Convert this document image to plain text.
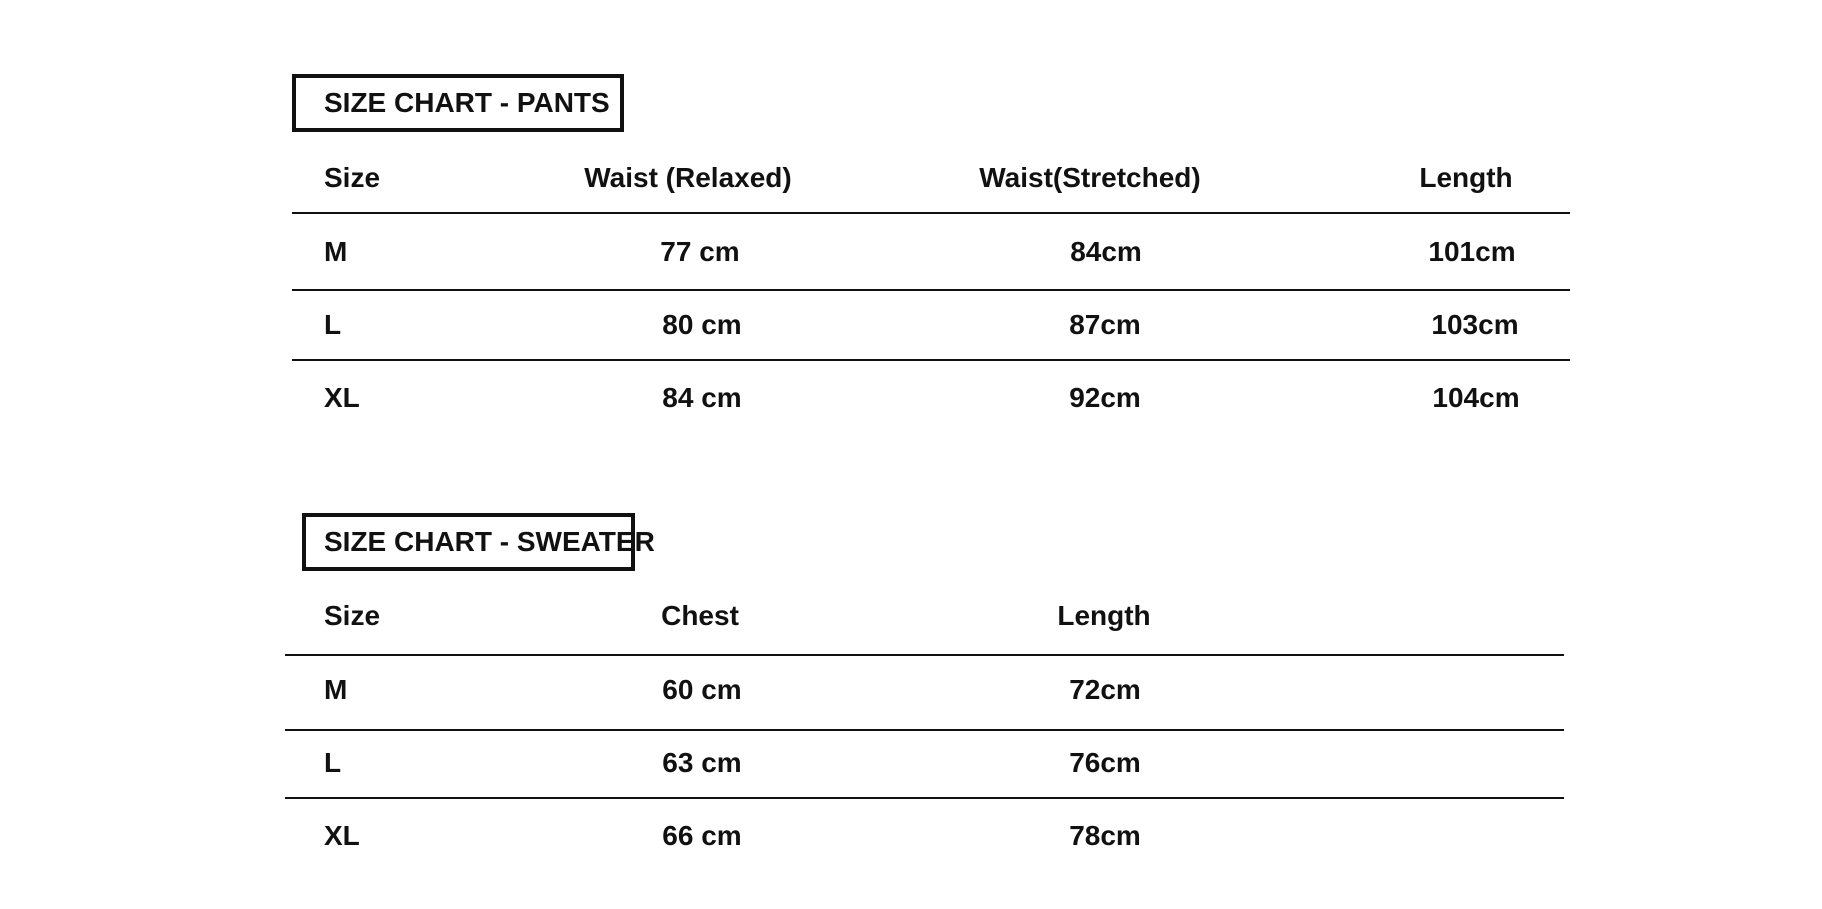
SIZE CHART - PANTS
Size	Waist (Relaxed)	Waist(Stretched)	Length
M	77 cm	84cm	101cm
L	80 cm	87cm	103cm
XL	84 cm	92cm	104cm
SIZE CHART - SWEATER
Size	Chest	Length
M	60 cm	72cm
L	63 cm	76cm
XL	66 cm	78cm
